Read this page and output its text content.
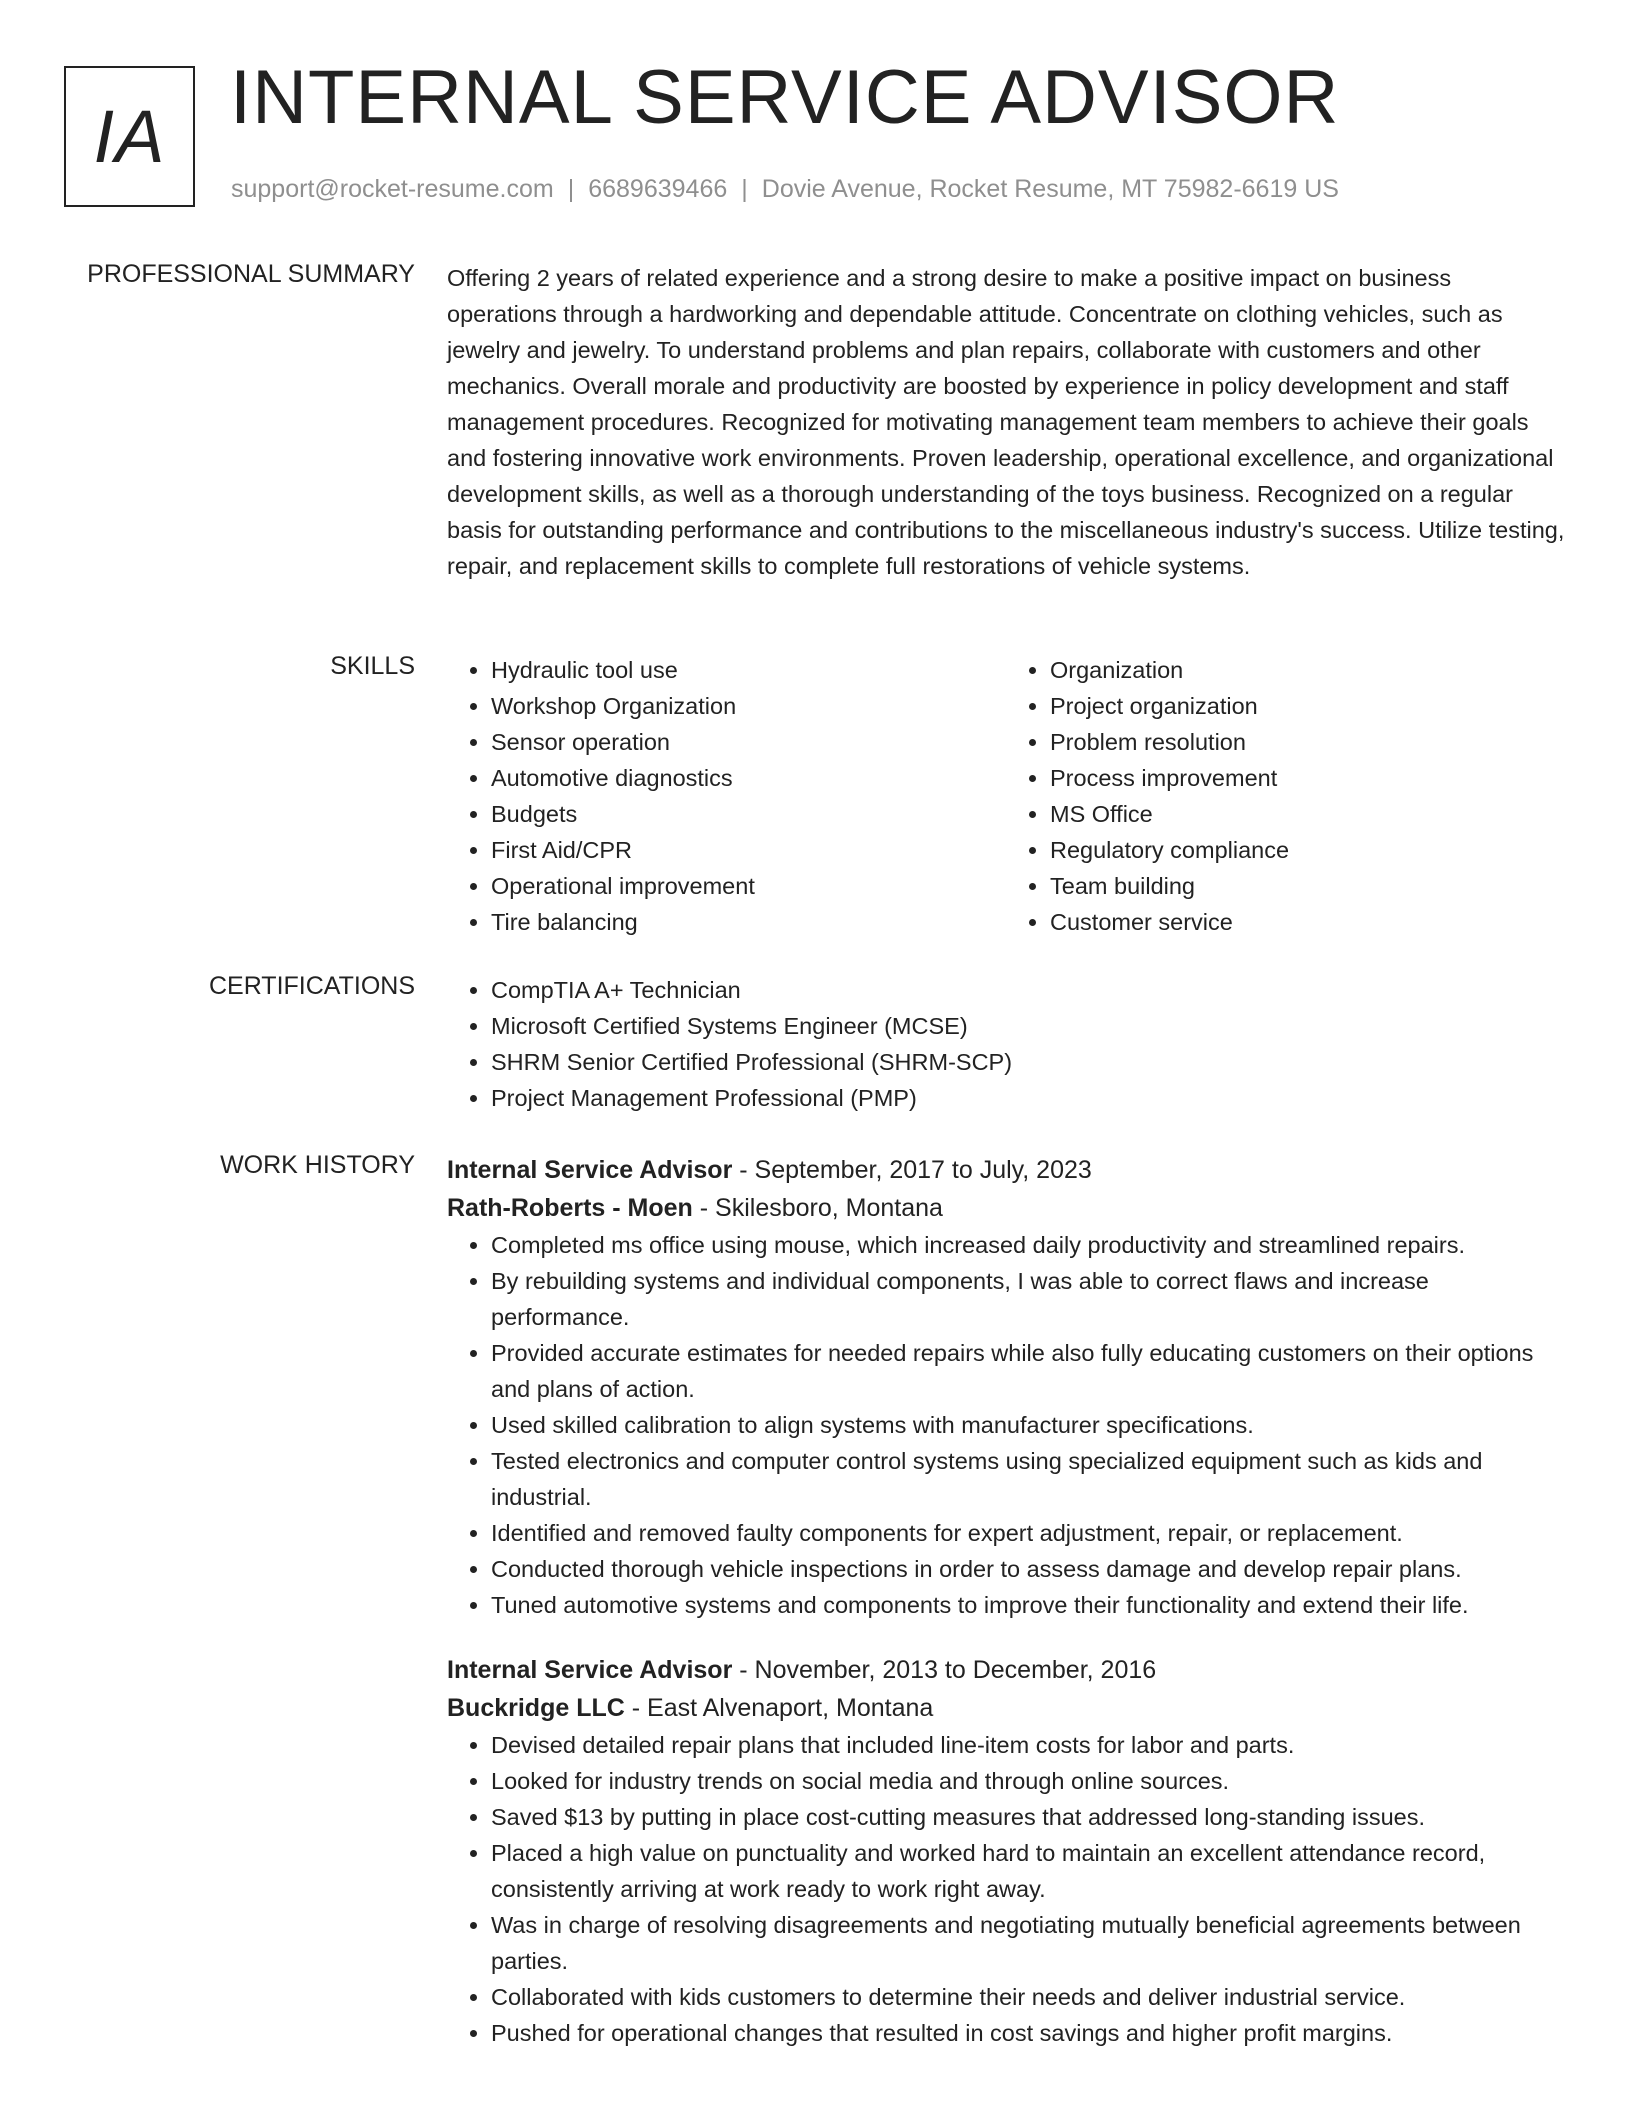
IA INTERNAL SERVICE ADVISOR
support@rocket-resume.com | 6689639466 | Dovie Avenue, Rocket Resume, MT 75982-6619 US
PROFESSIONAL SUMMARY Offering 2 years of related experience and a strong desire to make a positive impact on business operations through a hardworking and dependable attitude. Concentrate on clothing vehicles, such as jewelry and jewelry. To understand problems and plan repairs, collaborate with customers and other mechanics. Overall morale and productivity are boosted by experience in policy development and staff management procedures. Recognized for motivating management team members to achieve their goals and fostering innovative work environments. Proven leadership, operational excellence, and organizational development skills, as well as a thorough understanding of the toys business. Recognized on a regular basis for outstanding performance and contributions to the miscellaneous industry's success. Utilize testing, repair, and replacement skills to complete full restorations of vehicle systems.

SKILLS	• Hydraulic tool use
• Workshop Organization
• Sensor operation
• Automotive diagnostics
• Budgets
• First Aid/CPR
• Operational improvement
• Tire balancing
• Organization
• Project organization
• Problem resolution
• Process improvement
• MS Office
• Regulatory compliance
• Team building
• Customer service
CERTIFICATIONS	• CompTIA A+ Technician
• Microsoft Certified Systems Engineer (MCSE)
• SHRM Senior Certified Professional (SHRM-SCP)
• Project Management Professional (PMP)
WORK HISTORY Internal Service Advisor - September, 2017 to July, 2023
Rath-Roberts - Moen - Skilesboro, Montana
• Completed ms office using mouse, which increased daily productivity and streamlined repairs.
• By rebuilding systems and individual components, I was able to correct flaws and increase performance.
• Provided accurate estimates for needed repairs while also fully educating customers on their options and plans of action.
• Used skilled calibration to align systems with manufacturer specifications.
• Tested electronics and computer control systems using specialized equipment such as kids and industrial.
• Identified and removed faulty components for expert adjustment, repair, or replacement.
• Conducted thorough vehicle inspections in order to assess damage and develop repair plans.
• Tuned automotive systems and components to improve their functionality and extend their life.
Internal Service Advisor - November, 2013 to December, 2016
Buckridge LLC - East Alvenaport, Montana
• Devised detailed repair plans that included line-item costs for labor and parts.
• Looked for industry trends on social media and through online sources.
• Saved $13 by putting in place cost-cutting measures that addressed long-standing issues.
• Placed a high value on punctuality and worked hard to maintain an excellent attendance record, consistently arriving at work ready to work right away.
• Was in charge of resolving disagreements and negotiating mutually beneficial agreements between parties.
• Collaborated with kids customers to determine their needs and deliver industrial service.
• Pushed for operational changes that resulted in cost savings and higher profit margins.
